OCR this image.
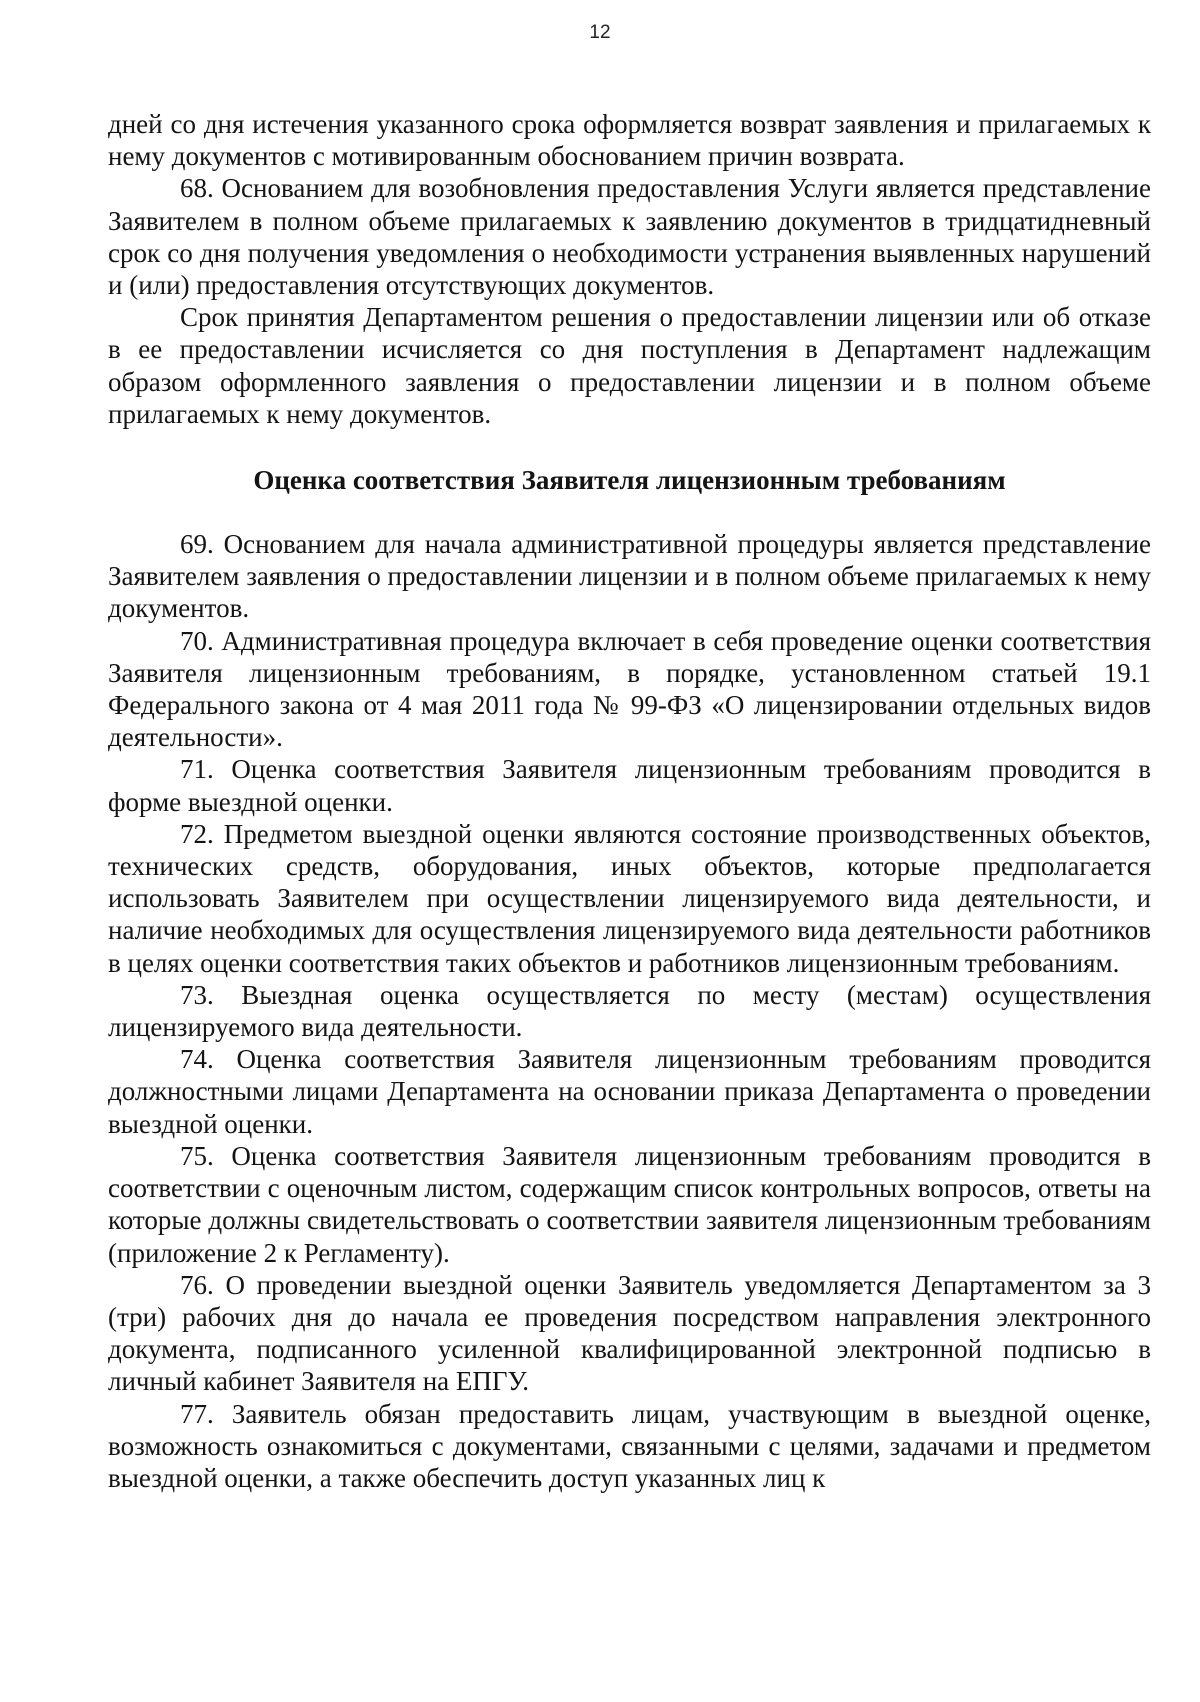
12

дней со дня истечения указанного срока оформляется возврат заявления и прилагаемых к нему документов с мотивированным обоснованием причин возврата.

68. Основанием для возобновления предоставления Услуги является представление Заявителем в полном объеме прилагаемых к заявлению документов в тридцатидневный срок со дня получения уведомления о необходимости устранения выявленных нарушений и (или) предоставления отсутствующих документов.

Срок принятия Департаментом решения о предоставлении лицензии или об отказе в ее предоставлении исчисляется со дня поступления в Департамент надлежащим образом оформленного заявления о предоставлении лицензии и в полном объеме прилагаемых к нему документов.

Оценка соответствия Заявителя лицензионным требованиям

69. Основанием для начала административной процедуры является представление Заявителем заявления о предоставлении лицензии и в полном объеме прилагаемых к нему документов.

70. Административная процедура включает в себя проведение оценки соответствия Заявителя лицензионным требованиям, в порядке, установленном статьей 19.1 Федерального закона от 4 мая 2011 года № 99-ФЗ «О лицензировании отдельных видов деятельности».

71. Оценка соответствия Заявителя лицензионным требованиям проводится в форме выездной оценки.

72. Предметом выездной оценки являются состояние производственных объектов, технических средств, оборудования, иных объектов, которые предполагается использовать Заявителем при осуществлении лицензируемого вида деятельности, и наличие необходимых для осуществления лицензируемого вида деятельности работников в целях оценки соответствия таких объектов и работников лицензионным требованиям.

73. Выездная оценка осуществляется по месту (местам) осуществления лицензируемого вида деятельности.

74. Оценка соответствия Заявителя лицензионным требованиям проводится должностными лицами Департамента на основании приказа Департамента о проведении выездной оценки.

75. Оценка соответствия Заявителя лицензионным требованиям проводится в соответствии с оценочным листом, содержащим список контрольных вопросов, ответы на которые должны свидетельствовать о соответствии заявителя лицензионным требованиям (приложение 2 к Регламенту).

76. О проведении выездной оценки Заявитель уведомляется Департаментом за 3 (три) рабочих дня до начала ее проведения посредством направления электронного документа, подписанного усиленной квалифицированной электронной подписью в личный кабинет Заявителя на ЕПГУ.

77. Заявитель обязан предоставить лицам, участвующим в выездной оценке, возможность ознакомиться с документами, связанными с целями, задачами и предметом выездной оценки, а также обеспечить доступ указанных лиц к
